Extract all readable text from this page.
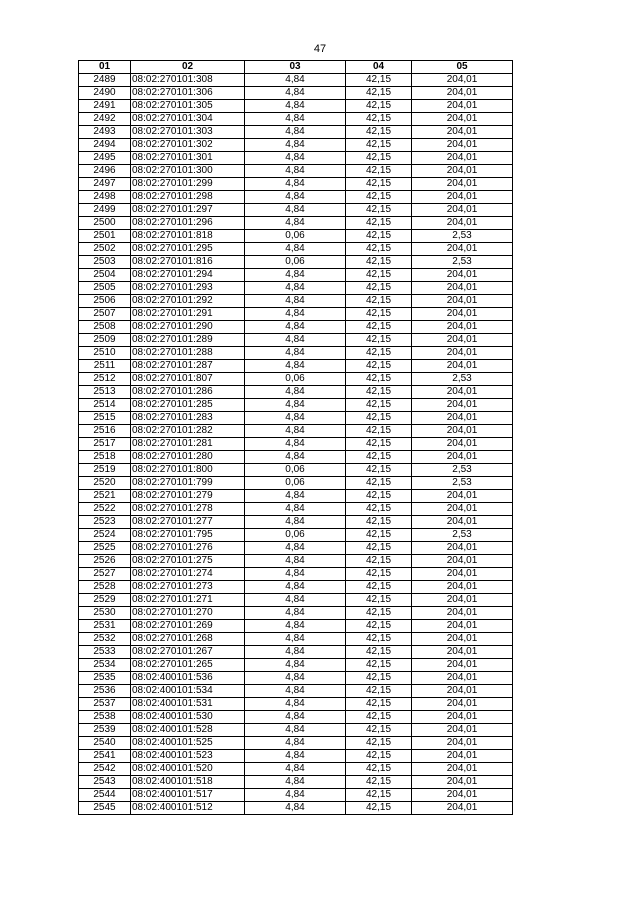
47
01	02	03	04	05
2489	08:02:270101:308	4,84	42,15	204,01
2490	08:02:270101:306	4,84	42,15	204,01
2491	08:02:270101:305	4,84	42,15	204,01
2492	08:02:270101:304	4,84	42,15	204,01
2493	08:02:270101:303	4,84	42,15	204,01
2494	08:02:270101:302	4,84	42,15	204,01
2495	08:02:270101:301	4,84	42,15	204,01
2496	08:02:270101:300	4,84	42,15	204,01
2497	08:02:270101:299	4,84	42,15	204,01
2498	08:02:270101:298	4,84	42,15	204,01
2499	08:02:270101:297	4,84	42,15	204,01
2500	08:02:270101:296	4,84	42,15	204,01
2501	08:02:270101:818	0,06	42,15	2,53
2502	08:02:270101:295	4,84	42,15	204,01
2503	08:02:270101:816	0,06	42,15	2,53
2504	08:02:270101:294	4,84	42,15	204,01
2505	08:02:270101:293	4,84	42,15	204,01
2506	08:02:270101:292	4,84	42,15	204,01
2507	08:02:270101:291	4,84	42,15	204,01
2508	08:02:270101:290	4,84	42,15	204,01
2509	08:02:270101:289	4,84	42,15	204,01
2510	08:02:270101:288	4,84	42,15	204,01
2511	08:02:270101:287	4,84	42,15	204,01
2512	08:02:270101:807	0,06	42,15	2,53
2513	08:02:270101:286	4,84	42,15	204,01
2514	08:02:270101:285	4,84	42,15	204,01
2515	08:02:270101:283	4,84	42,15	204,01
2516	08:02:270101:282	4,84	42,15	204,01
2517	08:02:270101:281	4,84	42,15	204,01
2518	08:02:270101:280	4,84	42,15	204,01
2519	08:02:270101:800	0,06	42,15	2,53
2520	08:02:270101:799	0,06	42,15	2,53
2521	08:02:270101:279	4,84	42,15	204,01
2522	08:02:270101:278	4,84	42,15	204,01
2523	08:02:270101:277	4,84	42,15	204,01
2524	08:02:270101:795	0,06	42,15	2,53
2525	08:02:270101:276	4,84	42,15	204,01
2526	08:02:270101:275	4,84	42,15	204,01
2527	08:02:270101:274	4,84	42,15	204,01
2528	08:02:270101:273	4,84	42,15	204,01
2529	08:02:270101:271	4,84	42,15	204,01
2530	08:02:270101:270	4,84	42,15	204,01
2531	08:02:270101:269	4,84	42,15	204,01
2532	08:02:270101:268	4,84	42,15	204,01
2533	08:02:270101:267	4,84	42,15	204,01
2534	08:02:270101:265	4,84	42,15	204,01
2535	08:02:400101:536	4,84	42,15	204,01
2536	08:02:400101:534	4,84	42,15	204,01
2537	08:02:400101:531	4,84	42,15	204,01
2538	08:02:400101:530	4,84	42,15	204,01
2539	08:02:400101:528	4,84	42,15	204,01
2540	08:02:400101:525	4,84	42,15	204,01
2541	08:02:400101:523	4,84	42,15	204,01
2542	08:02:400101:520	4,84	42,15	204,01
2543	08:02:400101:518	4,84	42,15	204,01
2544	08:02:400101:517	4,84	42,15	204,01
2545	08:02:400101:512	4,84	42,15	204,01
